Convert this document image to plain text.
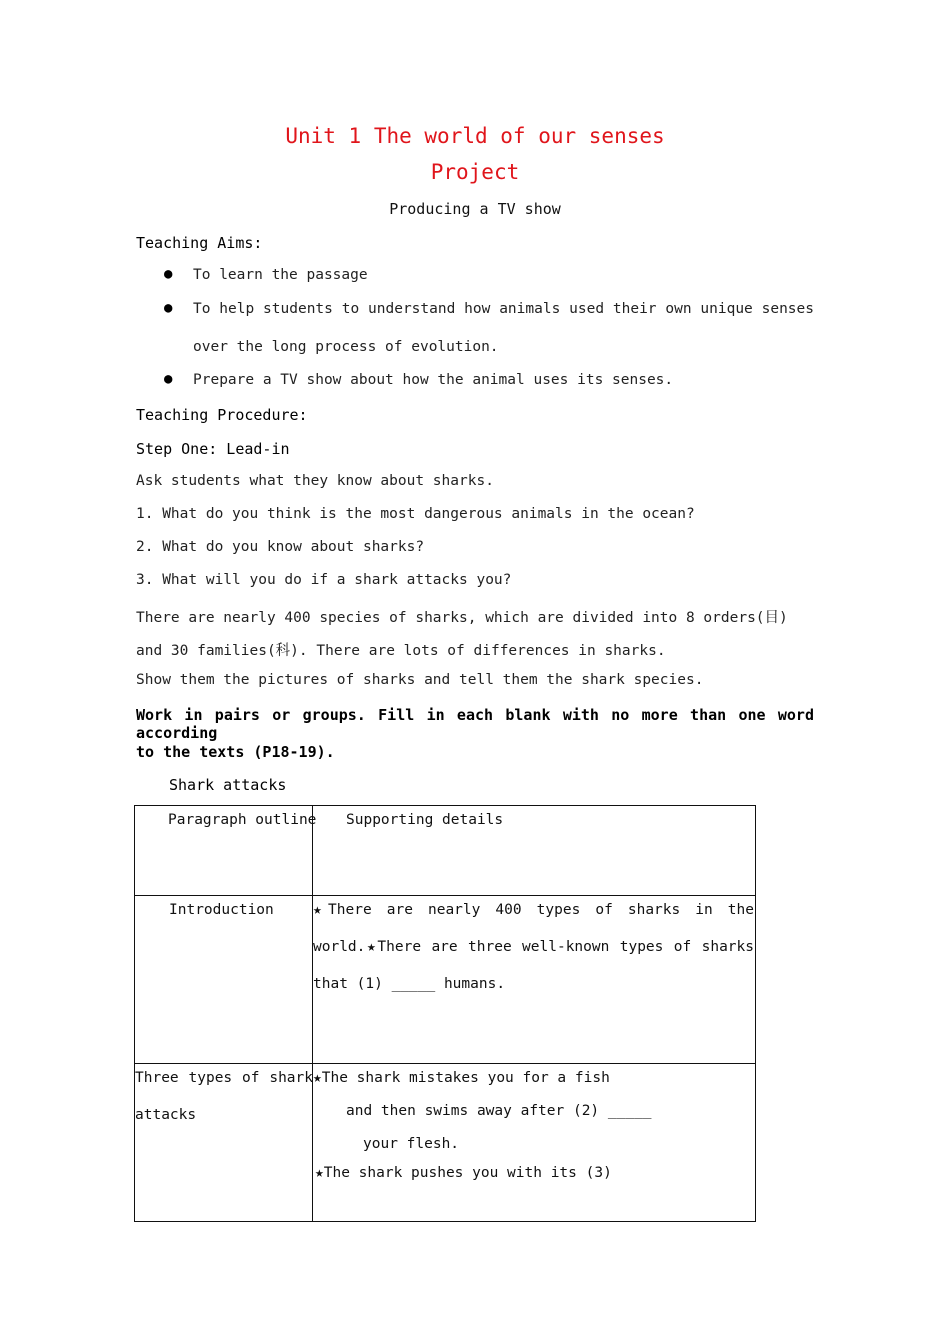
Unit 1 The world of our senses
Project
Producing a TV show
Teaching Aims:
● To learn the passage
● To help students to understand how animals used their own unique senses
over the long process of evolution.
● Prepare a TV show about how the animal uses its senses.
Teaching Procedure:
Step One: Lead-in
Ask students what they know about sharks.
1. What do you think is the most dangerous animals in the ocean?
2. What do you know about sharks?
3. What will you do if a shark attacks you?
There are nearly 400 species of sharks, which are divided into 8 orders(目)
and 30 families(科). There are lots of differences in sharks.
Show them the pictures of sharks and tell them the shark species.
Work in pairs or groups. Fill in each blank with no more than one word according
to the texts (P18-19).
Shark attacks
Paragraph outline	Supporting details

Introduction	★There are nearly 400 types of sharks in the
world.★There are three well-known types of sharks
that (1) _____ humans.

Three types of shark
attacks	★The shark mistakes you for a fish
and then swims away after (2) _____
your flesh.
★The shark pushes you with its (3)
